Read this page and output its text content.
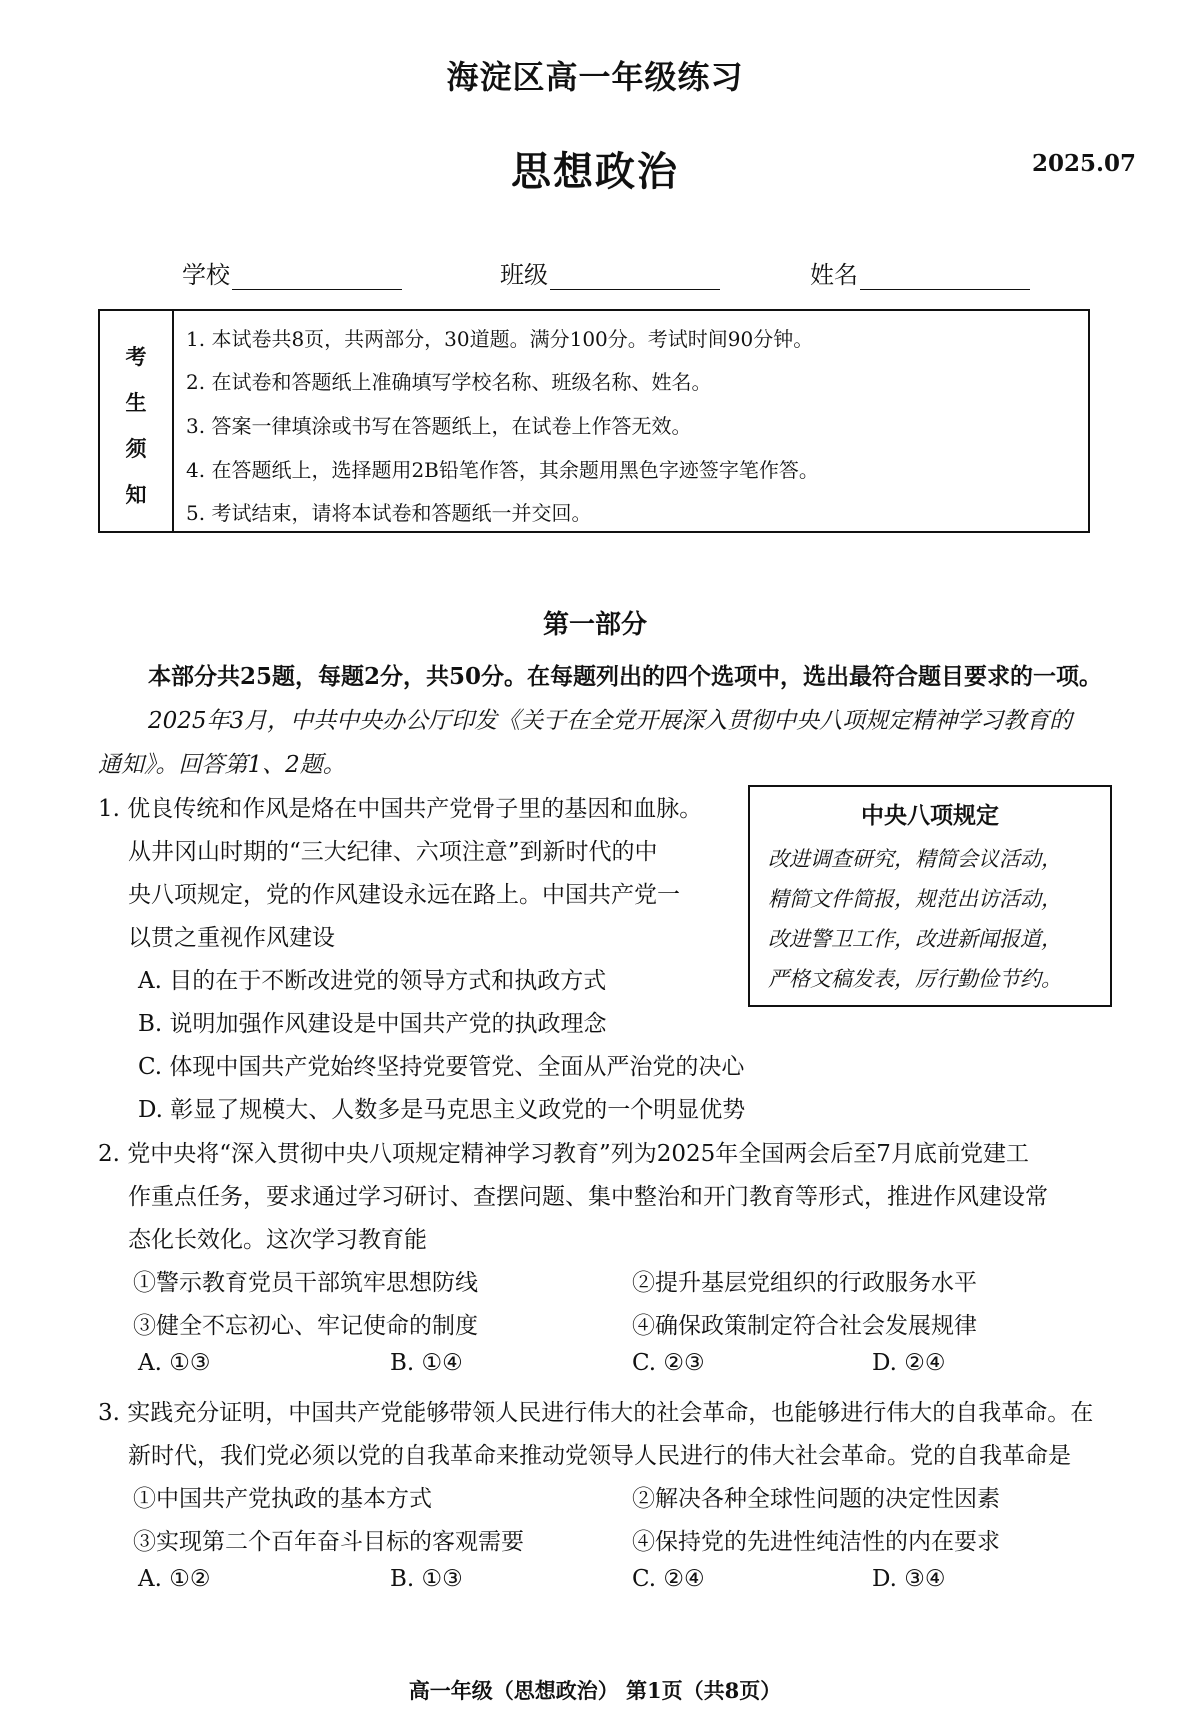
海淀区高一年级练习
思想政治	2025.07
学校	班级	姓名
考
生
须
知
1. 本试卷共8页，共两部分，30道题。满分100分。考试时间90分钟。
2. 在试卷和答题纸上准确填写学校名称、班级名称、姓名。
3. 答案一律填涂或书写在答题纸上，在试卷上作答无效。
4. 在答题纸上，选择题用2B铅笔作答，其余题用黑色字迹签字笔作答。
5. 考试结束，请将本试卷和答题纸一并交回。
第一部分
本部分共25题，每题2分，共50分。在每题列出的四个选项中，选出最符合题目要求的一项。
2025年3月，中共中央办公厅印发《关于在全党开展深入贯彻中央八项规定精神学习教育的
通知》。回答第1、2题。
中央八项规定
改进调查研究，精简会议活动，
精简文件简报，规范出访活动，
改进警卫工作，改进新闻报道，
严格文稿发表，厉行勤俭节约。
1. 优良传统和作风是烙在中国共产党骨子里的基因和血脉。
从井冈山时期的“三大纪律、六项注意”到新时代的中
央八项规定，党的作风建设永远在路上。中国共产党一
以贯之重视作风建设
A. 目的在于不断改进党的领导方式和执政方式
B. 说明加强作风建设是中国共产党的执政理念
C. 体现中国共产党始终坚持党要管党、全面从严治党的决心
D. 彰显了规模大、人数多是马克思主义政党的一个明显优势
2. 党中央将“深入贯彻中央八项规定精神学习教育”列为2025年全国两会后至7月底前党建工
作重点任务，要求通过学习研讨、查摆问题、集中整治和开门教育等形式，推进作风建设常
态化长效化。这次学习教育能
①警示教育党员干部筑牢思想防线	②提升基层党组织的行政服务水平
③健全不忘初心、牢记使命的制度	④确保政策制定符合社会发展规律
A. ①③	B. ①④	C. ②③	D. ②④
3. 实践充分证明，中国共产党能够带领人民进行伟大的社会革命，也能够进行伟大的自我革命。在
新时代，我们党必须以党的自我革命来推动党领导人民进行的伟大社会革命。党的自我革命是
①中国共产党执政的基本方式	②解决各种全球性问题的决定性因素
③实现第二个百年奋斗目标的客观需要	④保持党的先进性纯洁性的内在要求
A. ①②	B. ①③	C. ②④	D. ③④
高一年级（思想政治） 第1页（共8页）
